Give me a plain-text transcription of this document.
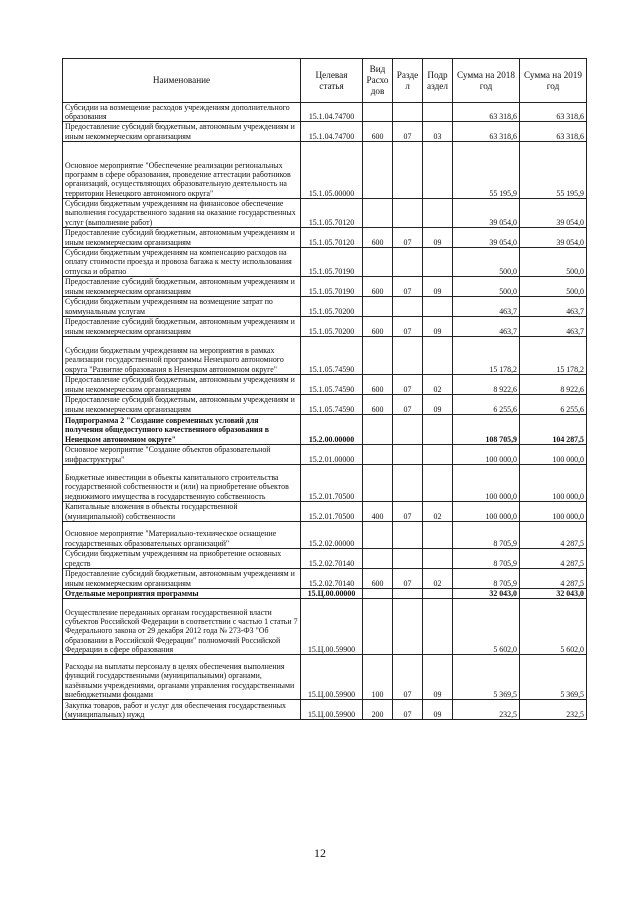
Наименование	Целевая статья	Вид Расхо дов	Разде л	Подр аздел	Сумма на 2018 год	Сумма на 2019 год
Субсидии на возмещение расходов учреждениям дополнительного образования	15.1.04.74700				63 318,6	63 318,6
Предоставление субсидий бюджетным, автономным учреждениям и иным некоммерческим организациям	15.1.04.74700	600	07	03	63 318,6	63 318,6
Основное мероприятие "Обеспечение реализации региональных программ в сфере образования, проведение аттестации работников организаций, осуществляющих образовательную деятельность на территории Ненецкого автономного округа"	15.1.05.00000				55 195,9	55 195,9
Субсидии бюджетным учреждениям на финансовое обеспечение выполнения государственного задания на оказание государственных услуг (выполнение работ)	15.1.05.70120				39 054,0	39 054,0
Предоставление субсидий бюджетным, автономным учреждениям и иным некоммерческим организациям	15.1.05.70120	600	07	09	39 054,0	39 054,0
Субсидии бюджетным учреждениям на компенсацию расходов на оплату стоимости проезда и провоза багажа к месту использования отпуска и обратно	15.1.05.70190				500,0	500,0
Предоставление субсидий бюджетным, автономным учреждениям и иным некоммерческим организациям	15.1.05.70190	600	07	09	500,0	500,0
Субсидии бюджетным учреждениям на возмещение затрат по коммунальным услугам	15.1.05.70200				463,7	463,7
Предоставление субсидий бюджетным, автономным учреждениям и иным некоммерческим организациям	15.1.05.70200	600	07	09	463,7	463,7
Субсидии бюджетным учреждениям на мероприятия в рамках реализации государственной программы Ненецкого автономного округа "Развитие образования в Ненецком автономном округе"	15.1.05.74590				15 178,2	15 178,2
Предоставление субсидий бюджетным, автономным учреждениям и иным некоммерческим организациям	15.1.05.74590	600	07	02	8 922,6	8 922,6
Предоставление субсидий бюджетным, автономным учреждениям и иным некоммерческим организациям	15.1.05.74590	600	07	09	6 255,6	6 255,6
Подпрограмма 2 "Создание современных условий для получения общедоступного качественного образования в Ненецком автономном округе"	15.2.00.00000				108 705,9	104 287,5
Основное мероприятие "Создание объектов образовательной инфраструктуры"	15.2.01.00000				100 000,0	100 000,0
Бюджетные инвестиции в объекты капитального строительства государственной собственности и (или) на приобретение объектов недвижимого имущества в государственную собственность	15.2.01.70500				100 000,0	100 000,0
Капитальные вложения в объекты государственной (муниципальной) собственности	15.2.01.70500	400	07	02	100 000,0	100 000,0
Основное мероприятие "Материально-техническое оснащение государственных образовательных организаций"	15.2.02.00000				8 705,9	4 287,5
Субсидии бюджетным учреждениям на приобретение основных средств	15.2.02.70140				8 705,9	4 287,5
Предоставление субсидий бюджетным, автономным учреждениям и иным некоммерческим организациям	15.2.02.70140	600	07	02	8 705,9	4 287,5
Отдельные мероприятия программы	15.Ц.00.00000				32 043,0	32 043,0
Осуществление переданных органам государственной власти субъектов Российской Федерации в соответствии с частью 1 статьи 7 Федерального закона от 29 декабря 2012 года № 273-ФЗ "Об образовании в Российской Федерации" полномочий Российской Федерации в сфере образования	15.Ц.00.59900				5 602,0	5 602,0
Расходы на выплаты персоналу в целях обеспечения выполнения функций государственными (муниципальными) органами, казёнными учреждениями, органами управления государственными внебюджетными фондами	15.Ц.00.59900	100	07	09	5 369,5	5 369,5
Закупка товаров, работ и услуг для обеспечения государственных (муниципальных) нужд	15.Ц.00.59900	200	07	09	232,5	232,5
12
